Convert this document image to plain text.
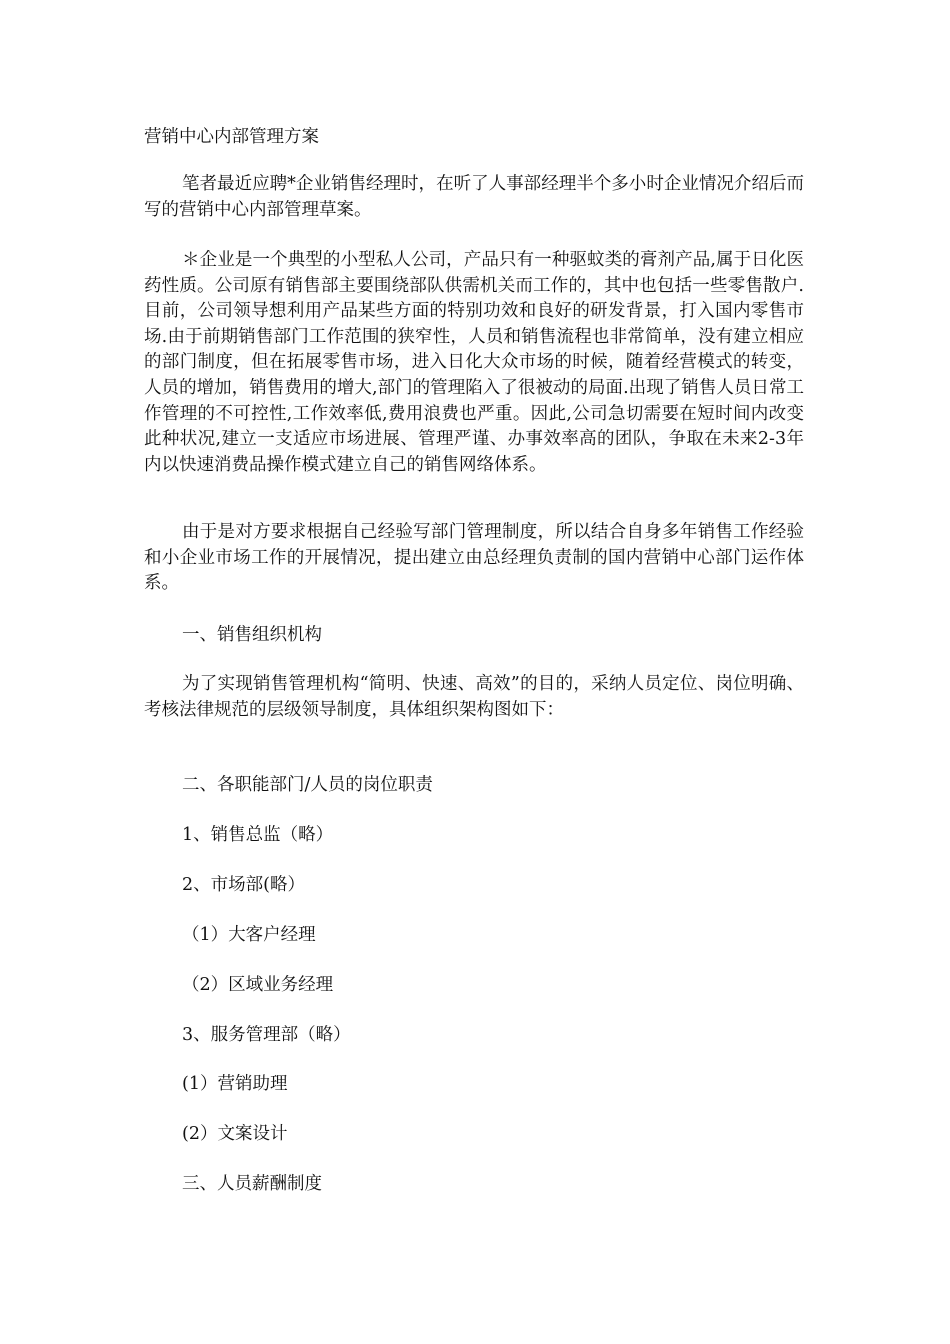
营销中心内部管理方案

笔者最近应聘*企业销售经理时，在听了人事部经理半个多小时企业情况介绍后而写的营销中心内部管理草案。

＊企业是一个典型的小型私人公司，产品只有一种驱蚊类的膏剂产品,属于日化医药性质。公司原有销售部主要围绕部队供需机关而工作的，其中也包括一些零售散户.目前，公司领导想利用产品某些方面的特别功效和良好的研发背景，打入国内零售市场.由于前期销售部门工作范围的狭窄性，人员和销售流程也非常简单，没有建立相应的部门制度，但在拓展零售市场，进入日化大众市场的时候，随着经营模式的转变，人员的增加，销售费用的增大,部门的管理陷入了很被动的局面.出现了销售人员日常工作管理的不可控性,工作效率低,费用浪费也严重。因此,公司急切需要在短时间内改变此种状况,建立一支适应市场进展、管理严谨、办事效率高的团队，争取在未来2-3年内以快速消费品操作模式建立自己的销售网络体系。

由于是对方要求根据自己经验写部门管理制度，所以结合自身多年销售工作经验和小企业市场工作的开展情况，提出建立由总经理负责制的国内营销中心部门运作体系。

一、销售组织机构

为了实现销售管理机构“简明、快速、高效”的目的，采纳人员定位、岗位明确、考核法律规范的层级领导制度，具体组织架构图如下：

二、各职能部门/人员的岗位职责
1、销售总监（略）
2、市场部(略）
（1）大客户经理
（2）区域业务经理
3、服务管理部（略）
(1）营销助理
(2）文案设计
三、人员薪酬制度
